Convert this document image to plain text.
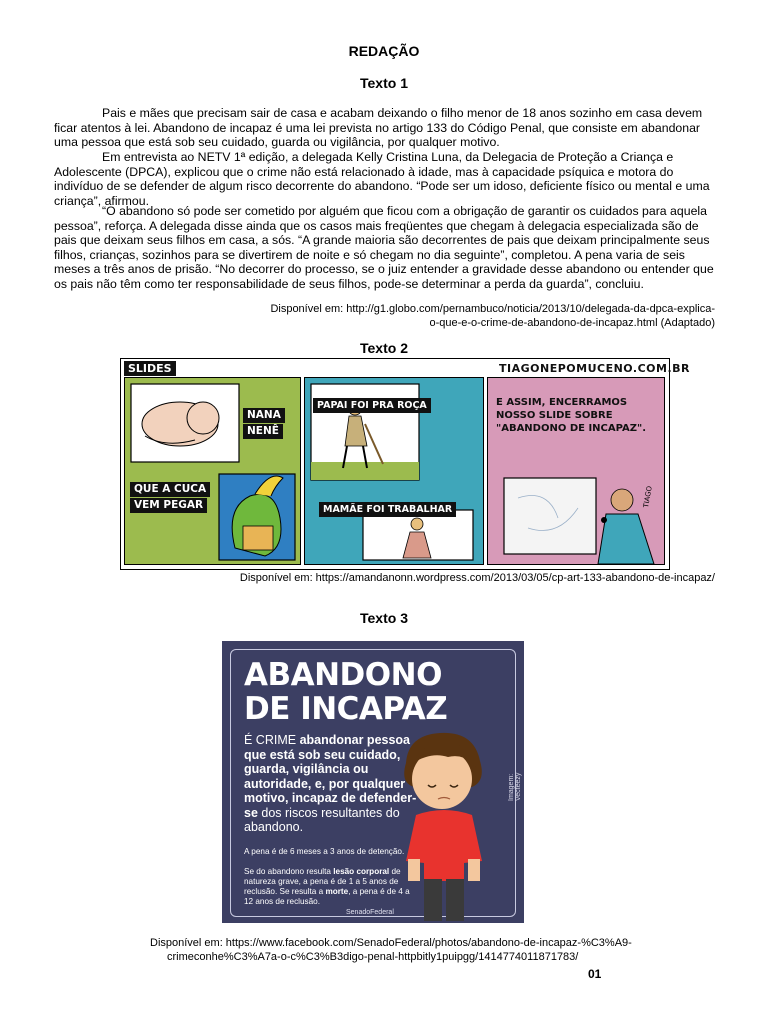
REDAÇÃO
Texto 1

Pais e mães que precisam sair de casa e acabam deixando o filho menor de 18 anos sozinho em casa devem ficar atentos à lei. Abandono de incapaz é uma lei prevista no artigo 133 do Código Penal, que consiste em abandonar uma pessoa que está sob seu cuidado, guarda ou vigilância, por qualquer motivo.

Em entrevista ao NETV 1ª edição, a delegada Kelly Cristina Luna, da Delegacia de Proteção a Criança e Adolescente (DPCA), explicou que o crime não está relacionado à idade, mas à capacidade psíquica e motora do indivíduo de se defender de algum risco decorrente do abandono. “Pode ser um idoso, deficiente físico ou mental e uma criança”, afirmou.

“O abandono só pode ser cometido por alguém que ficou com a obrigação de garantir os cuidados para aquela pessoa”, reforça. A delegada disse ainda que os casos mais freqüentes que chegam à delegacia especializada são de pais que deixam seus filhos em casa, a sós. “A grande maioria são decorrentes de pais que deixam principalmente seus filhos, crianças, sozinhos para se divertirem de noite e só chegam no dia seguinte”, completou. A pena varia de seis meses a três anos de prisão. “No decorrer do processo, se o juiz entender a gravidade desse abandono ou entender que os pais não têm como ter responsabilidade de seus filhos, pode-se determinar a perda da guarda”, concluiu.

Disponível em: http://g1.globo.com/pernambuco/noticia/2013/10/delegada-da-dpca-explica-
o-que-e-o-crime-de-abandono-de-incapaz.html (Adaptado)
Texto 2
SLIDES	TIAGONEPOMUCENO.COM.BR
NANA
NENÊ
QUE A CUCA
VEM PEGAR
PAPAI FOI PRA ROÇA
MAMÃE FOI TRABALHAR
TIAGO
E ASSIM, ENCERRAMOS
NOSSO SLIDE SOBRE
"ABANDONO DE INCAPAZ".
Disponível em: https://amandanonn.wordpress.com/2013/03/05/cp-art-133-abandono-de-incapaz/
Texto 3
ABANDONO
DE INCAPAZ
É CRIME abandonar pessoa que está sob seu cuidado, guarda, vigilância ou autoridade, e, por qualquer motivo, incapaz de defender-se dos riscos resultantes do abandono.
A pena é de 6 meses a 3 anos de detenção.
Se do abandono resulta lesão corporal de natureza grave, a pena é de 1 a 5 anos de reclusão. Se resulta a morte, a pena é de 4 a 12 anos de reclusão.
Imagem: Vecteezy
SenadoFederal
Disponível em: https://www.facebook.com/SenadoFederal/photos/abandono-de-incapaz-%C3%A9-
crimeconhe%C3%A7a-o-c%C3%B3digo-penal-httpbitly1puipgg/1414774011871783/
01
